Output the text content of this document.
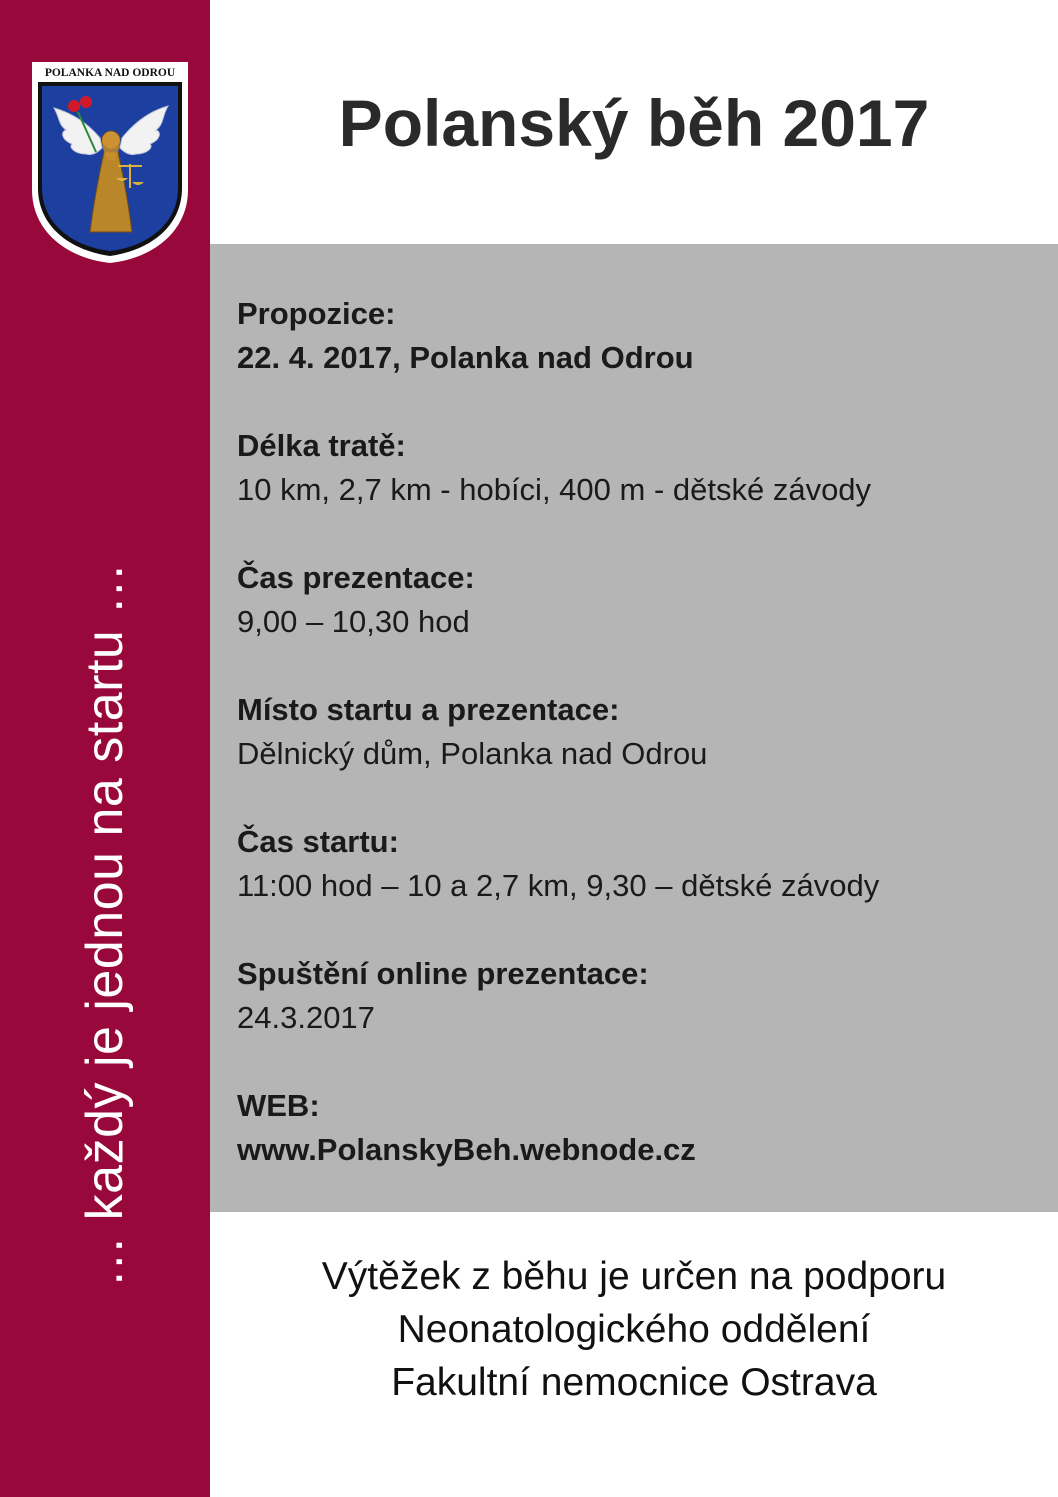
POLANKA NAD ODROU
… každý je jednou na startu …
Polanský běh 2017
Propozice:
22. 4. 2017, Polanka nad Odrou
Délka tratě:
10 km, 2,7 km - hobíci, 400 m - dětské závody
Čas prezentace:
9,00 – 10,30 hod
Místo startu a prezentace:
Dělnický dům, Polanka nad Odrou
Čas startu:
11:00 hod – 10 a 2,7 km, 9,30 – dětské závody
Spuštění online prezentace:
24.3.2017
WEB:
www.PolanskyBeh.webnode.cz
Výtěžek z běhu je určen na podporu
Neonatologického oddělení
Fakultní nemocnice Ostrava
